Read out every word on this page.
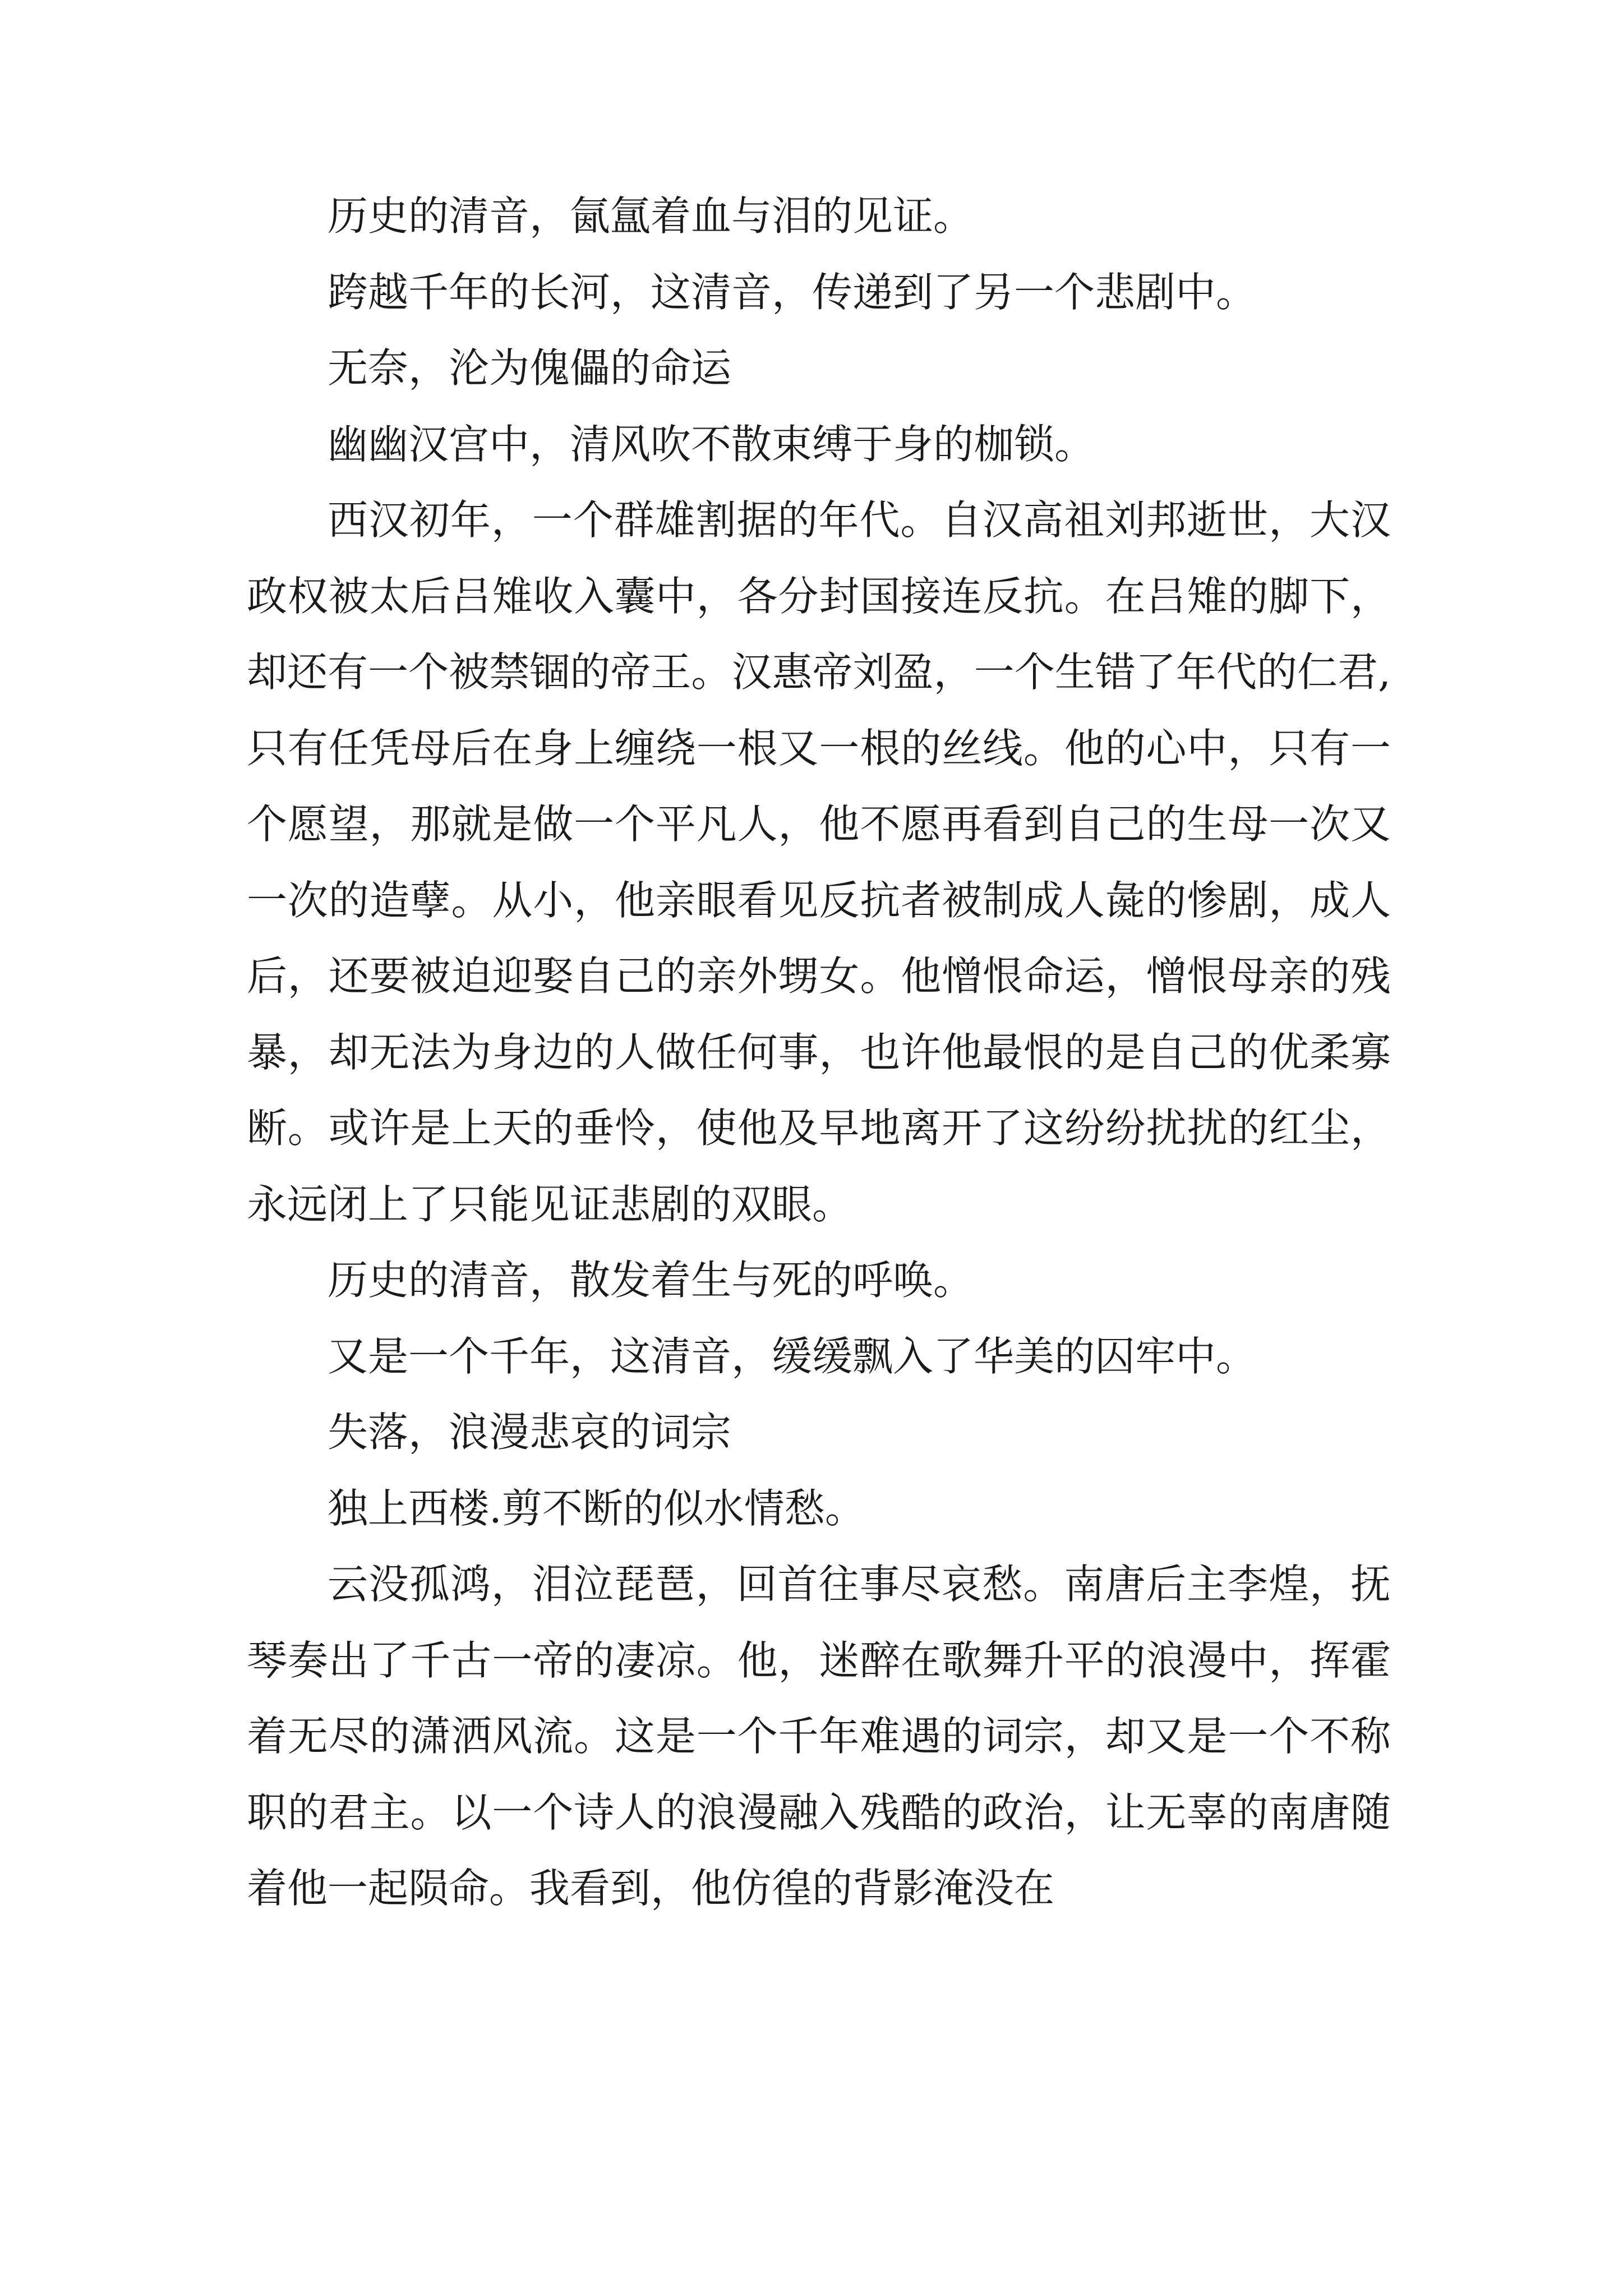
历史的清音，氤氲着血与泪的见证。

跨越千年的长河，这清音，传递到了另一个悲剧中。

无奈，沦为傀儡的命运

幽幽汉宫中，清风吹不散束缚于身的枷锁。

西汉初年，一个群雄割据的年代。自汉高祖刘邦逝世，大汉政权被太后吕雉收入囊中，各分封国接连反抗。在吕雉的脚下，却还有一个被禁锢的帝王。汉惠帝刘盈，一个生错了年代的仁君,只有任凭母后在身上缠绕一根又一根的丝线。他的心中，只有一个愿望，那就是做一个平凡人，他不愿再看到自己的生母一次又一次的造孽。从小，他亲眼看见反抗者被制成人彘的惨剧，成人后，还要被迫迎娶自己的亲外甥女。他憎恨命运，憎恨母亲的残暴，却无法为身边的人做任何事，也许他最恨的是自己的优柔寡断。或许是上天的垂怜，使他及早地离开了这纷纷扰扰的红尘，永远闭上了只能见证悲剧的双眼。

历史的清音，散发着生与死的呼唤。

又是一个千年，这清音，缓缓飘入了华美的囚牢中。

失落，浪漫悲哀的词宗

独上西楼.剪不断的似水情愁。

云没孤鸿，泪泣琵琶，回首往事尽哀愁。南唐后主李煌，抚琴奏出了千古一帝的凄凉。他，迷醉在歌舞升平的浪漫中，挥霍着无尽的潇洒风流。这是一个千年难遇的词宗，却又是一个不称职的君主。以一个诗人的浪漫融入残酷的政治，让无辜的南唐随着他一起陨命。我看到，他仿徨的背影淹没在
